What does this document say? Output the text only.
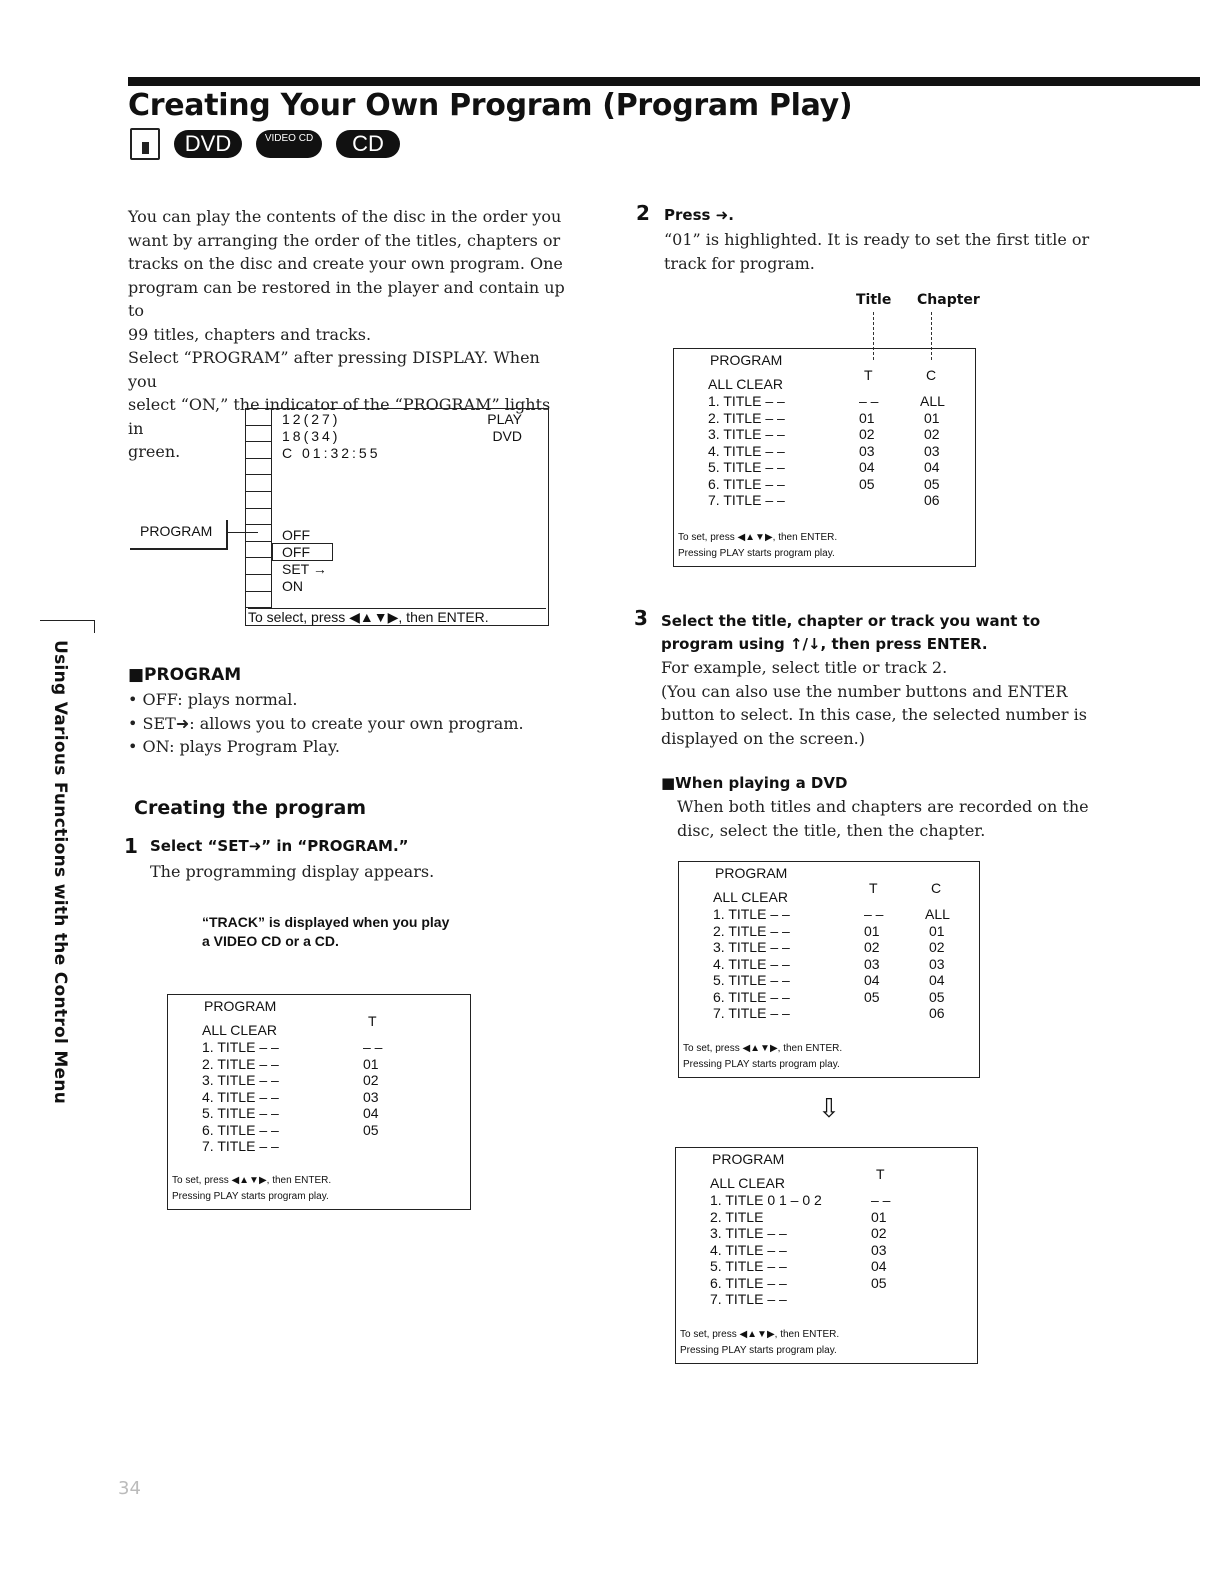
Creating Your Own Program (Program Play)
DVD	VIDEO CD	CD
Using Various Functions with the Control Menu
You can play the contents of the disc in the order you
want by arranging the order of the titles, chapters or
tracks on the disc and create your own program. One
program can be restored in the player and contain up to
99 titles, chapters and tracks.
Select “PROGRAM” after pressing DISPLAY. When you
select “ON,” the indicator of the “PROGRAM” lights in
green.
12(27)
18(34)
C 01:32:55
PLAY
DVD
OFF
OFF
SET →
ON
To select, press ◀▲▼▶, then ENTER.
PROGRAM
■PROGRAM
• OFF: plays normal.
• SET➜: allows you to create your own program.
• ON: plays Program Play.
Creating the program
1 Select “SET➜” in “PROGRAM.”
The programming display appears.
“TRACK” is displayed when you play
a VIDEO CD or a CD.
2 Press ➜.
“01” is highlighted. It is ready to set the first title or
track for program.
Title Chapter
3 Select the title, chapter or track you want to
program using ↑/↓, then press ENTER.
For example, select title or track 2.
(You can also use the number buttons and ENTER
button to select. In this case, the selected number is
displayed on the screen.)
■When playing a DVD
When both titles and chapters are recorded on the
disc, select the title, then the chapter.
⇩
PROGRAM
ALL CLEAR
1. TITLE – –
2. TITLE – –
3. TITLE – –
4. TITLE – –
5. TITLE – –
6. TITLE – –
7. TITLE – –
T
– –
01
02
03
04
05
To set, press ◀▲▼▶, then ENTER.
Pressing PLAY starts program play.
PROGRAM
ALL CLEAR
1. TITLE – –
2. TITLE – –
3. TITLE – –
4. TITLE – –
5. TITLE – –
6. TITLE – –
7. TITLE – –
T
– –
01
02
03
04
05
C
ALL
01
02
03
04
05
06
To set, press ◀▲▼▶, then ENTER.
Pressing PLAY starts program play.
PROGRAM
ALL CLEAR
1. TITLE – –
2. TITLE – –
3. TITLE – –
4. TITLE – –
5. TITLE – –
6. TITLE – –
7. TITLE – –
T
– –
01
02
03
04
05
C
ALL
01
02
03
04
05
06
To set, press ◀▲▼▶, then ENTER.
Pressing PLAY starts program play.
PROGRAM
ALL CLEAR
1. TITLE 0 1 – 0 2
2. TITLE
3. TITLE – –
4. TITLE – –
5. TITLE – –
6. TITLE – –
7. TITLE – –
T
– –
01
02
03
04
05
To set, press ◀▲▼▶, then ENTER.
Pressing PLAY starts program play.
34
